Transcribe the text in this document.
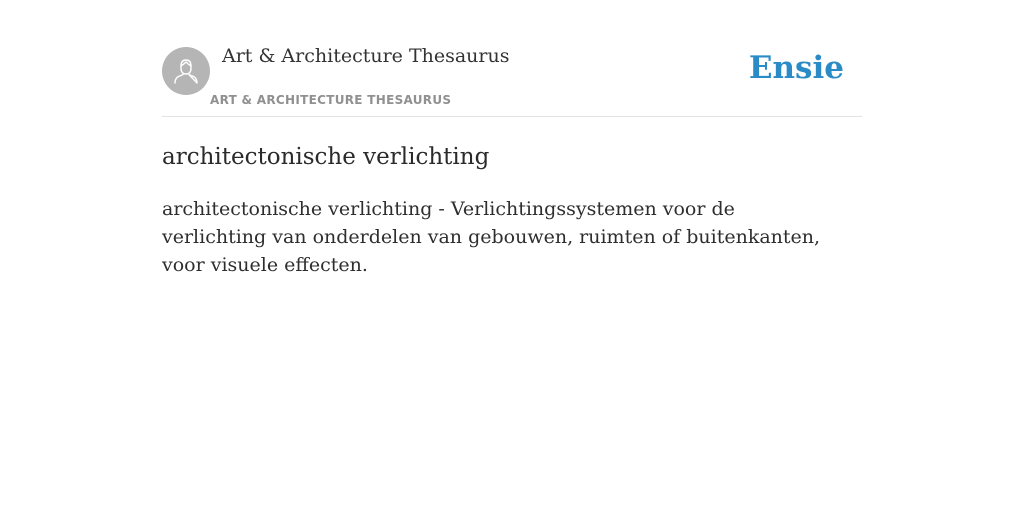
Art & Architecture Thesaurus
ART & ARCHITECTURE THESAURUS
Ensie
architectonische verlichting

architectonische verlichting - Verlichtingssystemen voor de verlichting van onderdelen van gebouwen, ruimten of buitenkanten, voor visuele effecten.
